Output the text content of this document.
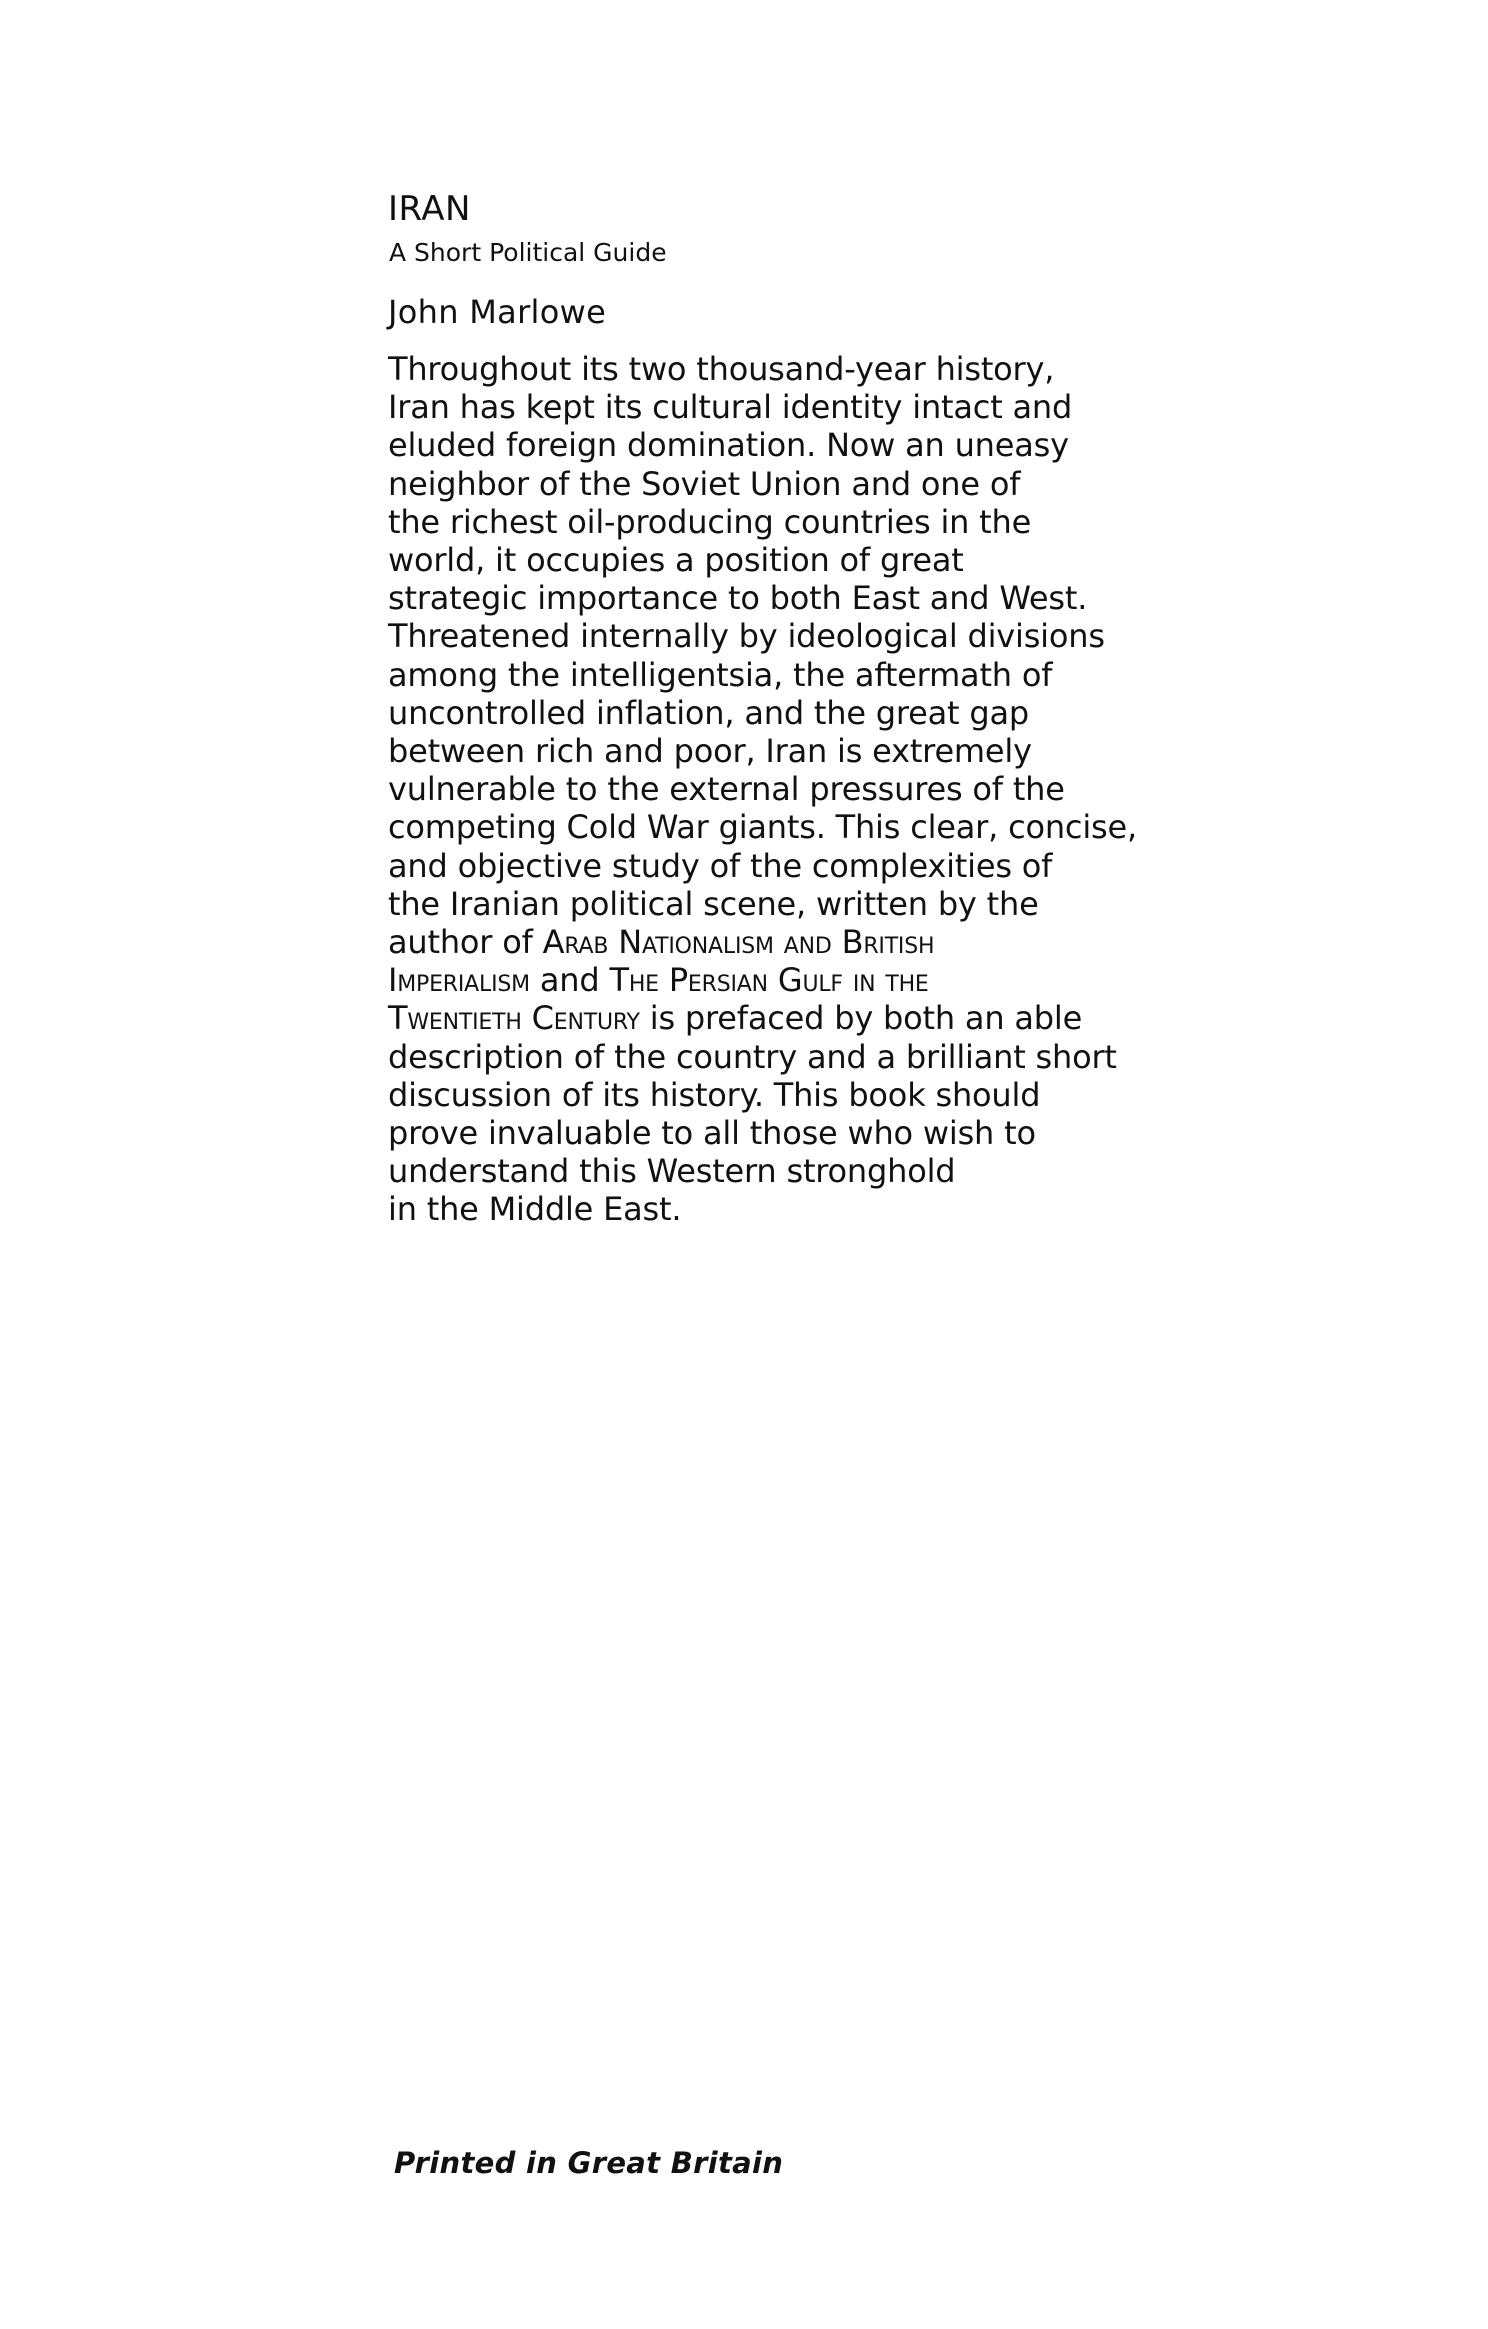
IRAN
A Short Political Guide
John Marlowe
Throughout its two thousand-year history,
Iran has kept its cultural identity intact and
eluded foreign domination. Now an uneasy
neighbor of the Soviet Union and one of
the richest oil-producing countries in the
world, it occupies a position of great
strategic importance to both East and West.
Threatened internally by ideological divisions
among the intelligentsia, the aftermath of
uncontrolled inflation, and the great gap
between rich and poor, Iran is extremely
vulnerable to the external pressures of the
competing Cold War giants. This clear, concise,
and objective study of the complexities of
the Iranian political scene, written by the
author of Arab Nationalism and British
Imperialism and The Persian Gulf in the
Twentieth Century is prefaced by both an able
description of the country and a brilliant short
discussion of its history. This book should
prove invaluable to all those who wish to
understand this Western stronghold
in the Middle East.
Printed in Great Britain
